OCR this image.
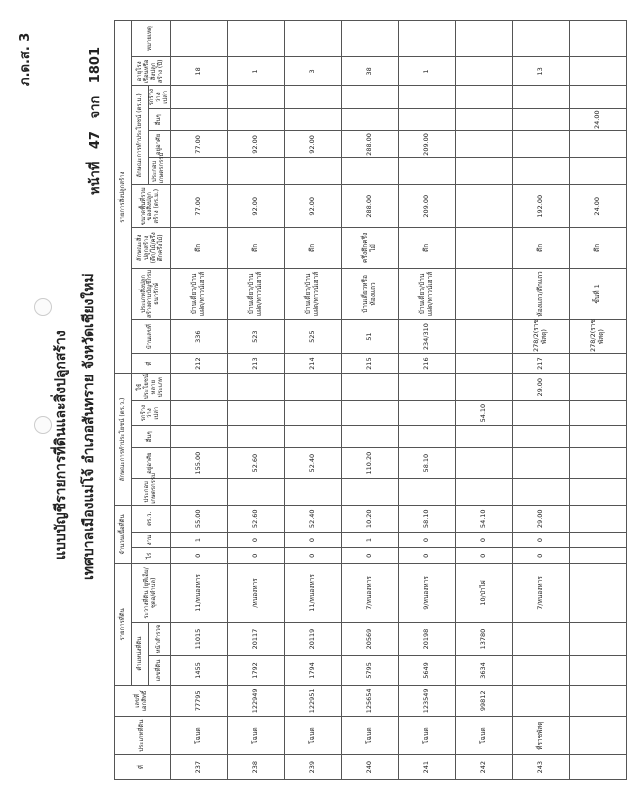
ภ.ด.ส. 3
แบบบัญชีรายการที่ดินและสิ่งปลูกสร้าง เทศบาลเมืองแม่โจ้ อำเภอสันทราย จังหวัดเชียงใหม่
หน้าที่ 47 จาก 1801
ที่	ประเภทที่ดิน	เลขที่เอกสิทธิ์	รายการที่ดิน			จำนวนเนื้อที่ดิน			ลักษณะการทำประโยชน์ (ตร.ว.)					รายการสิ่งปลูกสร้าง										
			ตำแหน่งที่ดิน		ระวางที่ดิน (ยูทีเอ็ม/ชุดอ/ตำบล)	ไร่	งาน	ตร.ว.	ประกอบเกษตรกรรม	อยู่อาศัย	อื่นๆ	รกร้างว่างเปล่า	ใช้ประโยชน์หลายประเภท	ที่	บ้านเลขที่	ประเภทสิ่งปลูกสร้างตามบัญชีกรมธนารักษ์	ลักษณะสิ่งปลูกสร้าง (ตึก/ไม้/ครึ่งตึกครึ่งไม้)	ขนาดพื้นที่รวมของสิ่งปลูกสร้าง (ตร.ม.)	ลักษณะการทำประโยชน์ (ตร.ม.)				อายุโรงเรือนหรือสิ่งปลูกสร้าง (ปี)	หมายเหตุ
			เลขที่ดิน	หน้าสำรวจ															ประกอบเกษตรกรรม	อยู่อาศัย	อื่นๆ	รกร้างว่างเปล่า		
237	โฉนด	77795	1455	11015	11/หนองหาร	0	1	55.00		155.00				212	336	บ้านเดี่ยว/บ้านแฝด/ทาวน์เฮาส์	ตึก	77.00		77.00			18	
238	โฉนด	122949	1792	20117	/หนองหาร	0	0	52.60		52.60				213	523	บ้านเดี่ยว/บ้านแฝด/ทาวน์เฮาส์	ตึก	92.00		92.00			1	
239	โฉนด	122951	1794	20119	11/หนองหาร	0	0	52.40		52.40				214	525	บ้านเดี่ยว/บ้านแฝด/ทาวน์เฮาส์	ตึก	92.00		92.00			3	
240	โฉนด	125654	5795	20569	7/หนองหาร	0	1	10.20		110.20				215	51	บ้านเดี่ยวหรือห้องแถว	ครึ่งตึกครึ่งไม้	288.00		288.00			38	
241	โฉนด	123549	5649	20198	9/หนองหาร	0	0	58.10		58.10				216	234/310	บ้านเดี่ยว/บ้านแฝด/ทาวน์เฮาส์	ตึก	209.00		209.00			1	
242	โฉนด	99812	3634	13780	10/ป่าไผ่	0	0	54.10				54.10												
243	ที่ราชพัสดุ				7/หนองหาร	0	0	29.00					29.00	217	278/2(ราชพัสดุ)	ห้องแถว/ตึกแถว	ตึก	192.00					13	
															278/2(ราชพัสดุ)	ชั้นที่ 1	ตึก	24.00			24.00			
